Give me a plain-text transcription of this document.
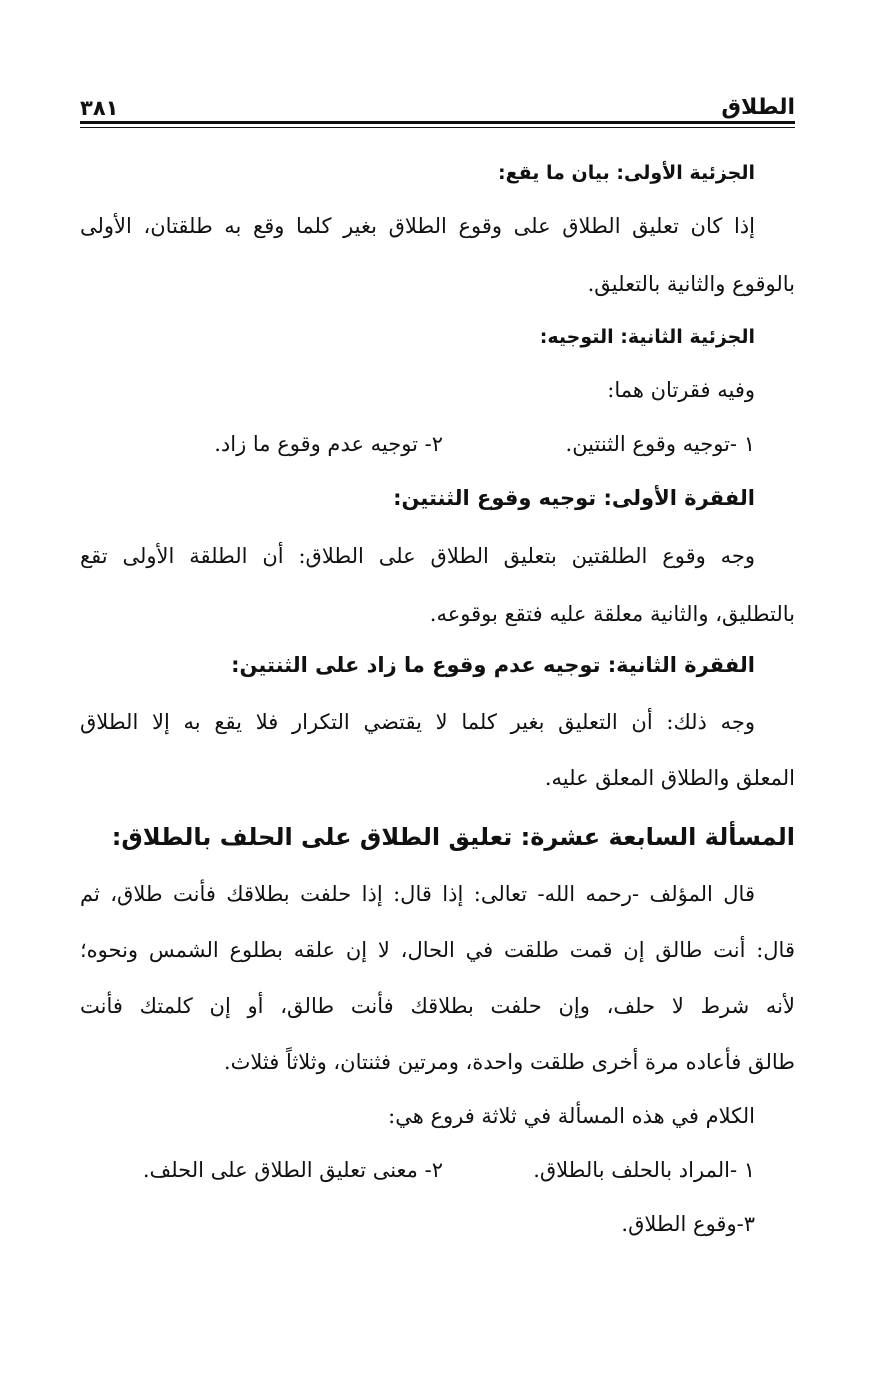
الطلاق
٣٨١
الجزئية الأولى: بيان ما يقع:
إذا كان تعليق الطلاق على وقوع الطلاق بغير كلما وقع به طلقتان، الأولى
بالوقوع والثانية بالتعليق.
الجزئية الثانية: التوجيه:
وفيه فقرتان هما:
١ -توجيه وقوع الثنتين.
٢- توجيه عدم وقوع ما زاد.
الفقرة الأولى: توجيه وقوع الثنتين:
وجه وقوع الطلقتين بتعليق الطلاق على الطلاق: أن الطلقة الأولى تقع
بالتطليق، والثانية معلقة عليه فتقع بوقوعه.
الفقرة الثانية: توجيه عدم وقوع ما زاد على الثنتين:
وجه ذلك: أن التعليق بغير كلما لا يقتضي التكرار فلا يقع به إلا الطلاق
المعلق والطلاق المعلق عليه.
المسألة السابعة عشرة: تعليق الطلاق على الحلف بالطلاق:
قال المؤلف -رحمه الله- تعالى: إذا قال: إذا حلفت بطلاقك فأنت طلاق، ثم
قال: أنت طالق إن قمت طلقت في الحال، لا إن علقه بطلوع الشمس ونحوه؛
لأنه شرط لا حلف، وإن حلفت بطلاقك فأنت طالق، أو إن كلمتك فأنت
طالق فأعاده مرة أخرى طلقت واحدة، ومرتين فثنتان، وثلاثاً فثلاث.
الكلام في هذه المسألة في ثلاثة فروع هي:
١ -المراد بالحلف بالطلاق.
٢- معنى تعليق الطلاق على الحلف.
٣-وقوع الطلاق.
